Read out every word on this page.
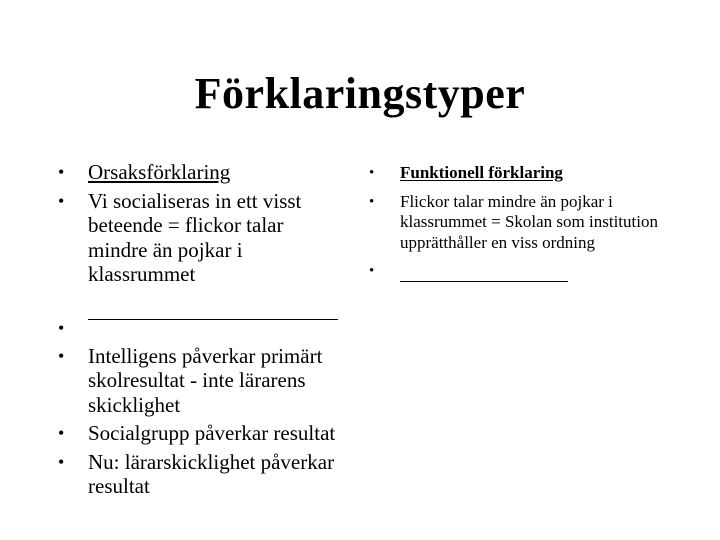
Förklaringstyper
• Orsaksförklaring
• Vi socialiseras in ett visst beteende = flickor talar mindre än pojkar i klassrummet
•
• Intelligens påverkar primärt skolresultat - inte lärarens skicklighet
• Socialgrupp påverkar resultat
• Nu: lärarskicklighet påverkar resultat
• Funktionell förklaring
• Flickor talar mindre än pojkar i klassrummet = Skolan som institution upprätthåller en viss ordning
•
